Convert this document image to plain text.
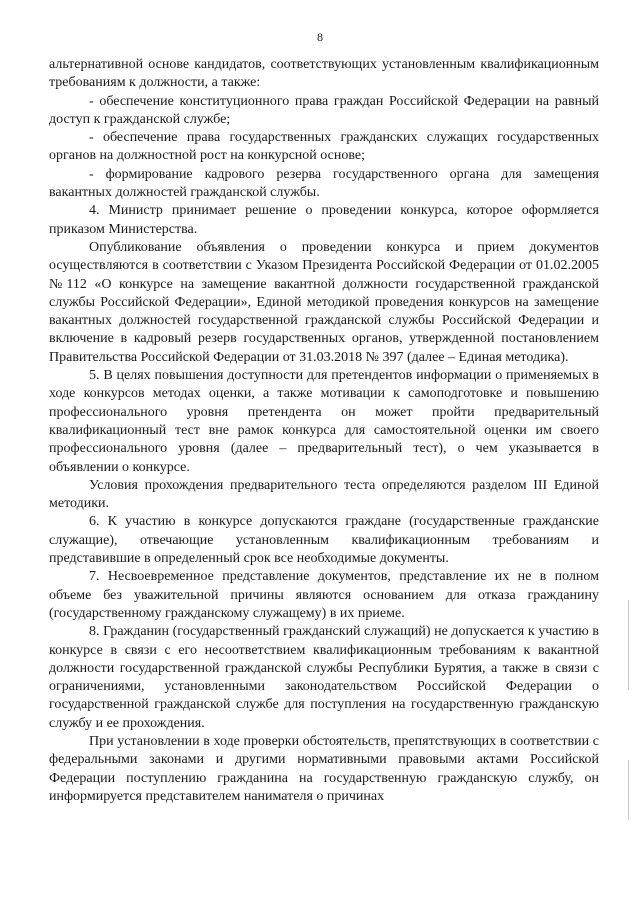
8

альтернативной основе кандидатов, соответствующих установленным квалификационным требованиям к должности, а также:

- обеспечение конституционного права граждан Российской Федерации на равный доступ к гражданской службе;

- обеспечение права государственных гражданских служащих государственных органов на должностной рост на конкурсной основе;

- формирование кадрового резерва государственного органа для замещения вакантных должностей гражданской службы.

4. Министр принимает решение о проведении конкурса, которое оформляется приказом Министерства.

Опубликование объявления о проведении конкурса и прием документов осуществляются в соответствии с Указом Президента Российской Федерации от 01.02.2005 №112 «О конкурсе на замещение вакантной должности государственной гражданской службы Российской Федерации», Единой методикой проведения конкурсов на замещение вакантных должностей государственной гражданской службы Российской Федерации и включение в кадровый резерв государственных органов, утвержденной постановлением Правительства Российской Федерации от 31.03.2018 № 397 (далее – Единая методика).

5. В целях повышения доступности для претендентов информации о применяемых в ходе конкурсов методах оценки, а также мотивации к самоподготовке и повышению профессионального уровня претендента он может пройти предварительный квалификационный тест вне рамок конкурса для самостоятельной оценки им своего профессионального уровня (далее – предварительный тест), о чем указывается в объявлении о конкурсе.

Условия прохождения предварительного теста определяются разделом III Единой методики.

6. К участию в конкурсе допускаются граждане (государственные гражданские служащие), отвечающие установленным квалификационным требованиям и представившие в определенный срок все необходимые документы.

7. Несвоевременное представление документов, представление их не в полном объеме без уважительной причины являются основанием для отказа гражданину (государственному гражданскому служащему) в их приеме.

8. Гражданин (государственный гражданский служащий) не допускается к участию в конкурсе в связи с его несоответствием квалификационным требованиям к вакантной должности государственной гражданской службы Республики Бурятия, а также в связи с ограничениями, установленными законодательством Российской Федерации о государственной гражданской службе для поступления на государственную гражданскую службу и ее прохождения.

При установлении в ходе проверки обстоятельств, препятствующих в соответствии с федеральными законами и другими нормативными правовыми актами Российской Федерации поступлению гражданина на государственную гражданскую службу, он информируется представителем нанимателя о причинах
